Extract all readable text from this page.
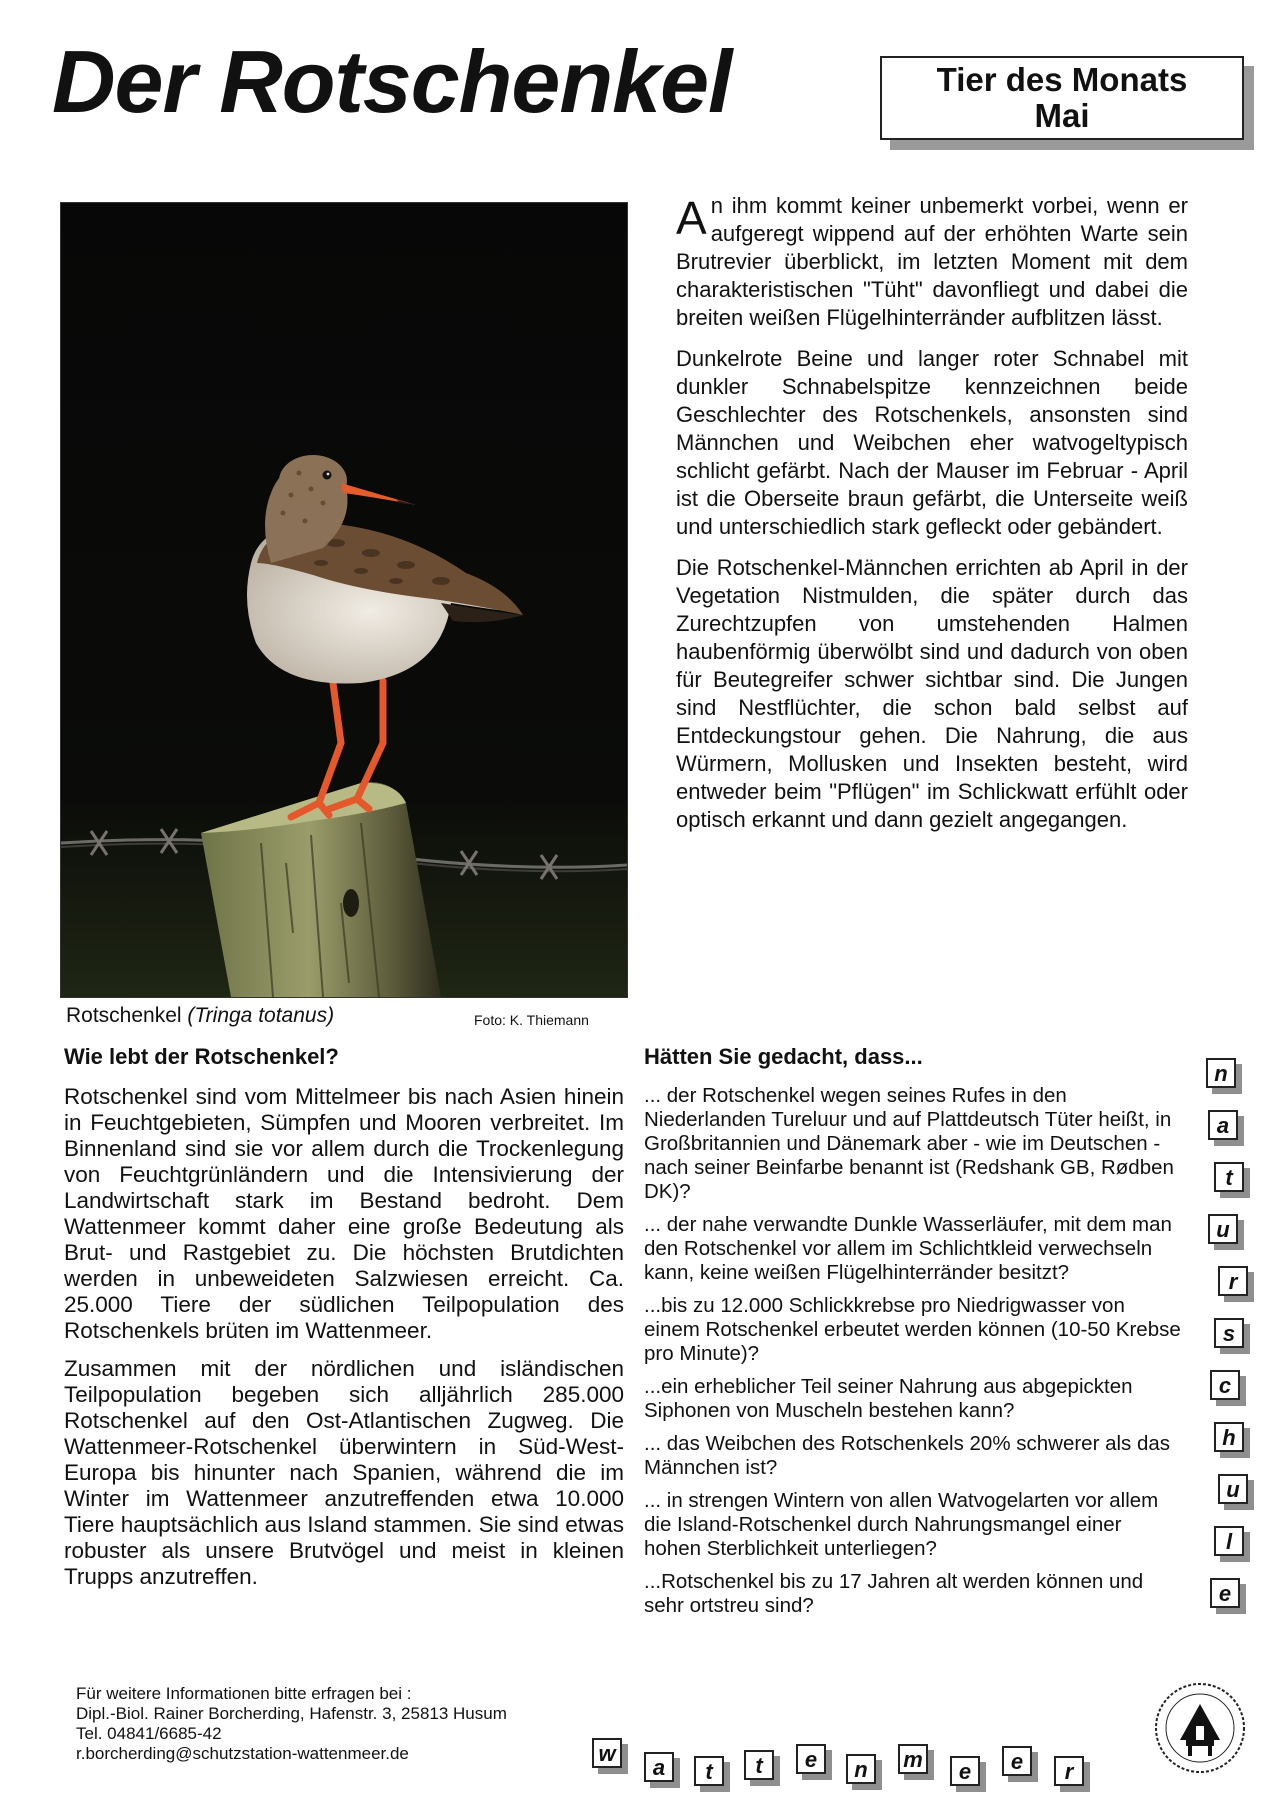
Der Rotschenkel	Tier des Monats
Mai
Rotschenkel (Tringa totanus)	Foto: K. Thiemann

An ihm kommt keiner unbemerkt vorbei, wenn er aufgeregt wippend auf der erhöhten Warte sein Brutrevier überblickt, im letzten Moment mit dem charakteristischen "Tüht" davonfliegt und dabei die breiten weißen Flügelhinterränder aufblitzen lässt.

Dunkelrote Beine und langer roter Schnabel mit dunkler Schnabelspitze kennzeichnen beide Geschlechter des Rotschenkels, ansonsten sind Männchen und Weibchen eher watvogeltypisch schlicht gefärbt. Nach der Mauser im Februar - April ist die Oberseite braun gefärbt, die Unterseite weiß und unterschiedlich stark gefleckt oder gebändert.

Die Rotschenkel-Männchen errichten ab April in der Vegetation Nistmulden, die später durch das Zurechtzupfen von umstehenden Halmen haubenförmig überwölbt sind und dadurch von oben für Beutegreifer schwer sichtbar sind. Die Jungen sind Nestflüchter, die schon bald selbst auf Entdeckungstour gehen. Die Nahrung, die aus Würmern, Mollusken und Insekten besteht, wird entweder beim "Pflügen" im Schlickwatt erfühlt oder optisch erkannt und dann gezielt angegangen.

Wie lebt der Rotschenkel?

Rotschenkel sind vom Mittelmeer bis nach Asien hinein in Feuchtgebieten, Sümpfen und Mooren verbreitet. Im Binnenland sind sie vor allem durch die Trockenlegung von Feuchtgrünländern und die Intensivierung der Landwirtschaft stark im Bestand bedroht. Dem Wattenmeer kommt daher eine große Bedeutung als Brut- und Rastgebiet zu. Die höchsten Brutdichten werden in unbeweideten Salzwiesen erreicht. Ca. 25.000 Tiere der südlichen Teilpopulation des Rotschenkels brüten im Wattenmeer.

Zusammen mit der nördlichen und isländischen Teilpopulation begeben sich alljährlich 285.000 Rotschenkel auf den Ost-Atlantischen Zugweg. Die Wattenmeer-Rotschenkel überwintern in Süd-West-Europa bis hinunter nach Spanien, während die im Winter im Wattenmeer anzutreffenden etwa 10.000 Tiere hauptsächlich aus Island stammen. Sie sind etwas robuster als unsere Brutvögel und meist in kleinen Trupps anzutreffen.

Hätten Sie gedacht, dass...
... der Rotschenkel wegen seines Rufes in den Niederlanden Tureluur und auf Plattdeutsch Tüter heißt, in Großbritannien und Dänemark aber - wie im Deutschen - nach seiner Beinfarbe benannt ist (Redshank GB, Rødben DK)?
... der nahe verwandte Dunkle Wasserläufer, mit dem man den Rotschenkel vor allem im Schlichtkleid verwechseln kann, keine weißen Flügelhinterränder besitzt?
...bis zu 12.000 Schlickkrebse pro Niedrigwasser von einem Rotschenkel erbeutet werden können (10-50 Krebse pro Minute)?
...ein erheblicher Teil seiner Nahrung aus abgepickten Siphonen von Muscheln bestehen kann?
... das Weibchen des Rotschenkels 20% schwerer als das Männchen ist?
... in strengen Wintern von allen Watvogelarten vor allem die Island-Rotschenkel durch Nahrungsmangel einer hohen Sterblichkeit unterliegen?
...Rotschenkel bis zu 17 Jahren alt werden können und sehr ortstreu sind?
n
a
t
u
r
s
c
h
u
l
e
w
a	t	t	e	n	m	e	e	r
Für weitere Informationen bitte erfragen bei :
Dipl.-Biol. Rainer Borcherding, Hafenstr. 3, 25813 Husum
Tel. 04841/6685-42
r.borcherding@schutzstation-wattenmeer.de
